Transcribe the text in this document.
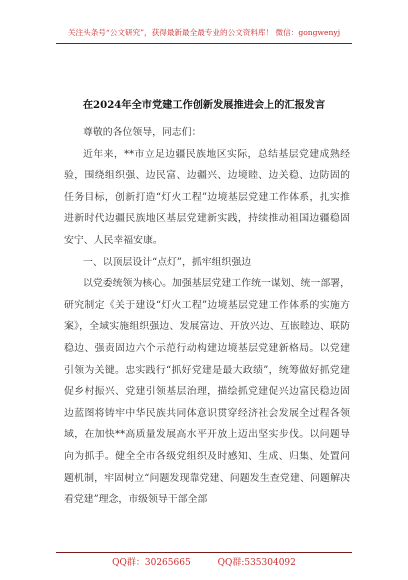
关注头条号“公文研究”，获得最新最全最专业的公文资料库！ 微信：gongwenyj
在2024年全市党建工作创新发展推进会上的汇报发言

尊敬的各位领导，同志们：

近年来，**市立足边疆民族地区实际，总结基层党建成熟经验，围绕组织强、边民富、边疆兴、边境睦、边关稳、边防固的任务目标，创新打造“灯火工程”边境基层党建工作体系，扎实推进新时代边疆民族地区基层党建新实践，持续推动祖国边疆稳固安宁、人民幸福安康。

一、以顶层设计“点灯”，抓牢组织强边

以党委统领为核心。加强基层党建工作统一谋划、统一部署，研究制定《关于建设“灯火工程”边境基层党建工作体系的实施方案》，全域实施组织强边、发展富边、开放兴边、互嵌睦边、联防稳边、强责固边六个示范行动构建边境基层党建新格局。以党建引领为关键。忠实践行“抓好党建是最大政绩”，统筹做好抓党建促乡村振兴、党建引领基层治理，描绘抓党建促兴边富民稳边固边蓝图将铸牢中华民族共同体意识贯穿经济社会发展全过程各领域，在加快**高质量发展高水平开放上迈出坚实步伐。以问题导向为抓手。健全全市各级党组织及时感知、生成、归集、处置问题机制，牢固树立“问题发现靠党建、问题发生查党建、问题解决看党建”理念，市级领导干部全部

QQ群：30265665	QQ群:535304092
